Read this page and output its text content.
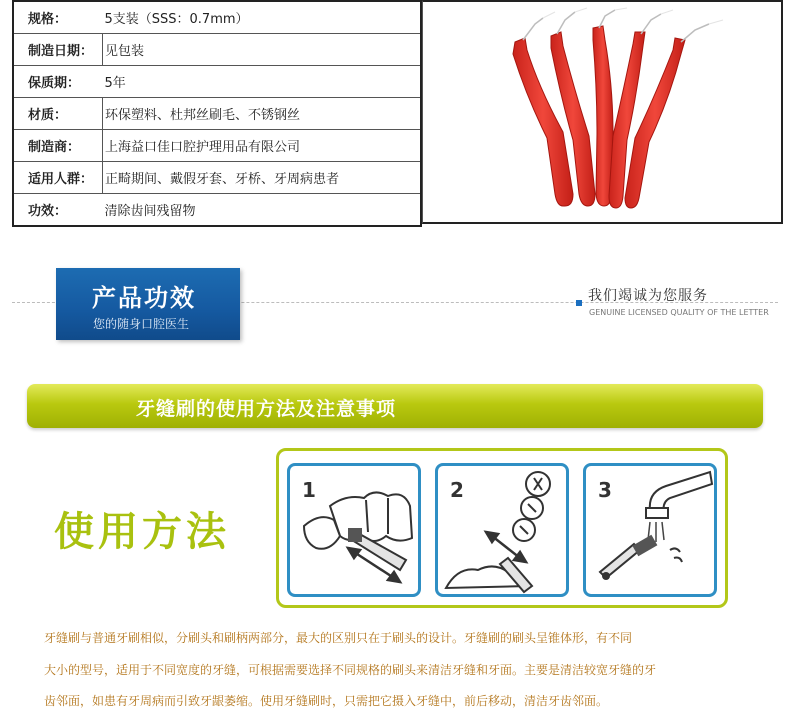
规格：	5支装（SSS：0.7mm）
制造日期：	见包装
保质期：	5年
材质：	环保塑料、杜邦丝刷毛、不锈钢丝
制造商：	上海益口佳口腔护理用品有限公司
适用人群：	正畸期间、戴假牙套、牙桥、牙周病患者
功效：	清除齿间残留物
产品功效
您的随身口腔医生
我们竭诚为您服务
GENUINE LICENSED QUALITY OF THE LETTER
牙缝刷的使用方法及注意事项
使用方法
1	2	3
牙缝刷与普通牙刷相似，分刷头和刷柄两部分，最大的区别只在于刷头的设计。牙缝刷的刷头呈锥体形，有不同
大小的型号，适用于不同宽度的牙缝，可根据需要选择不同规格的刷头来清洁牙缝和牙面。主要是清洁较宽牙缝的牙
齿邻面，如患有牙周病而引致牙龈萎缩。使用牙缝刷时，只需把它摄入牙缝中，前后移动，清洁牙齿邻面。
